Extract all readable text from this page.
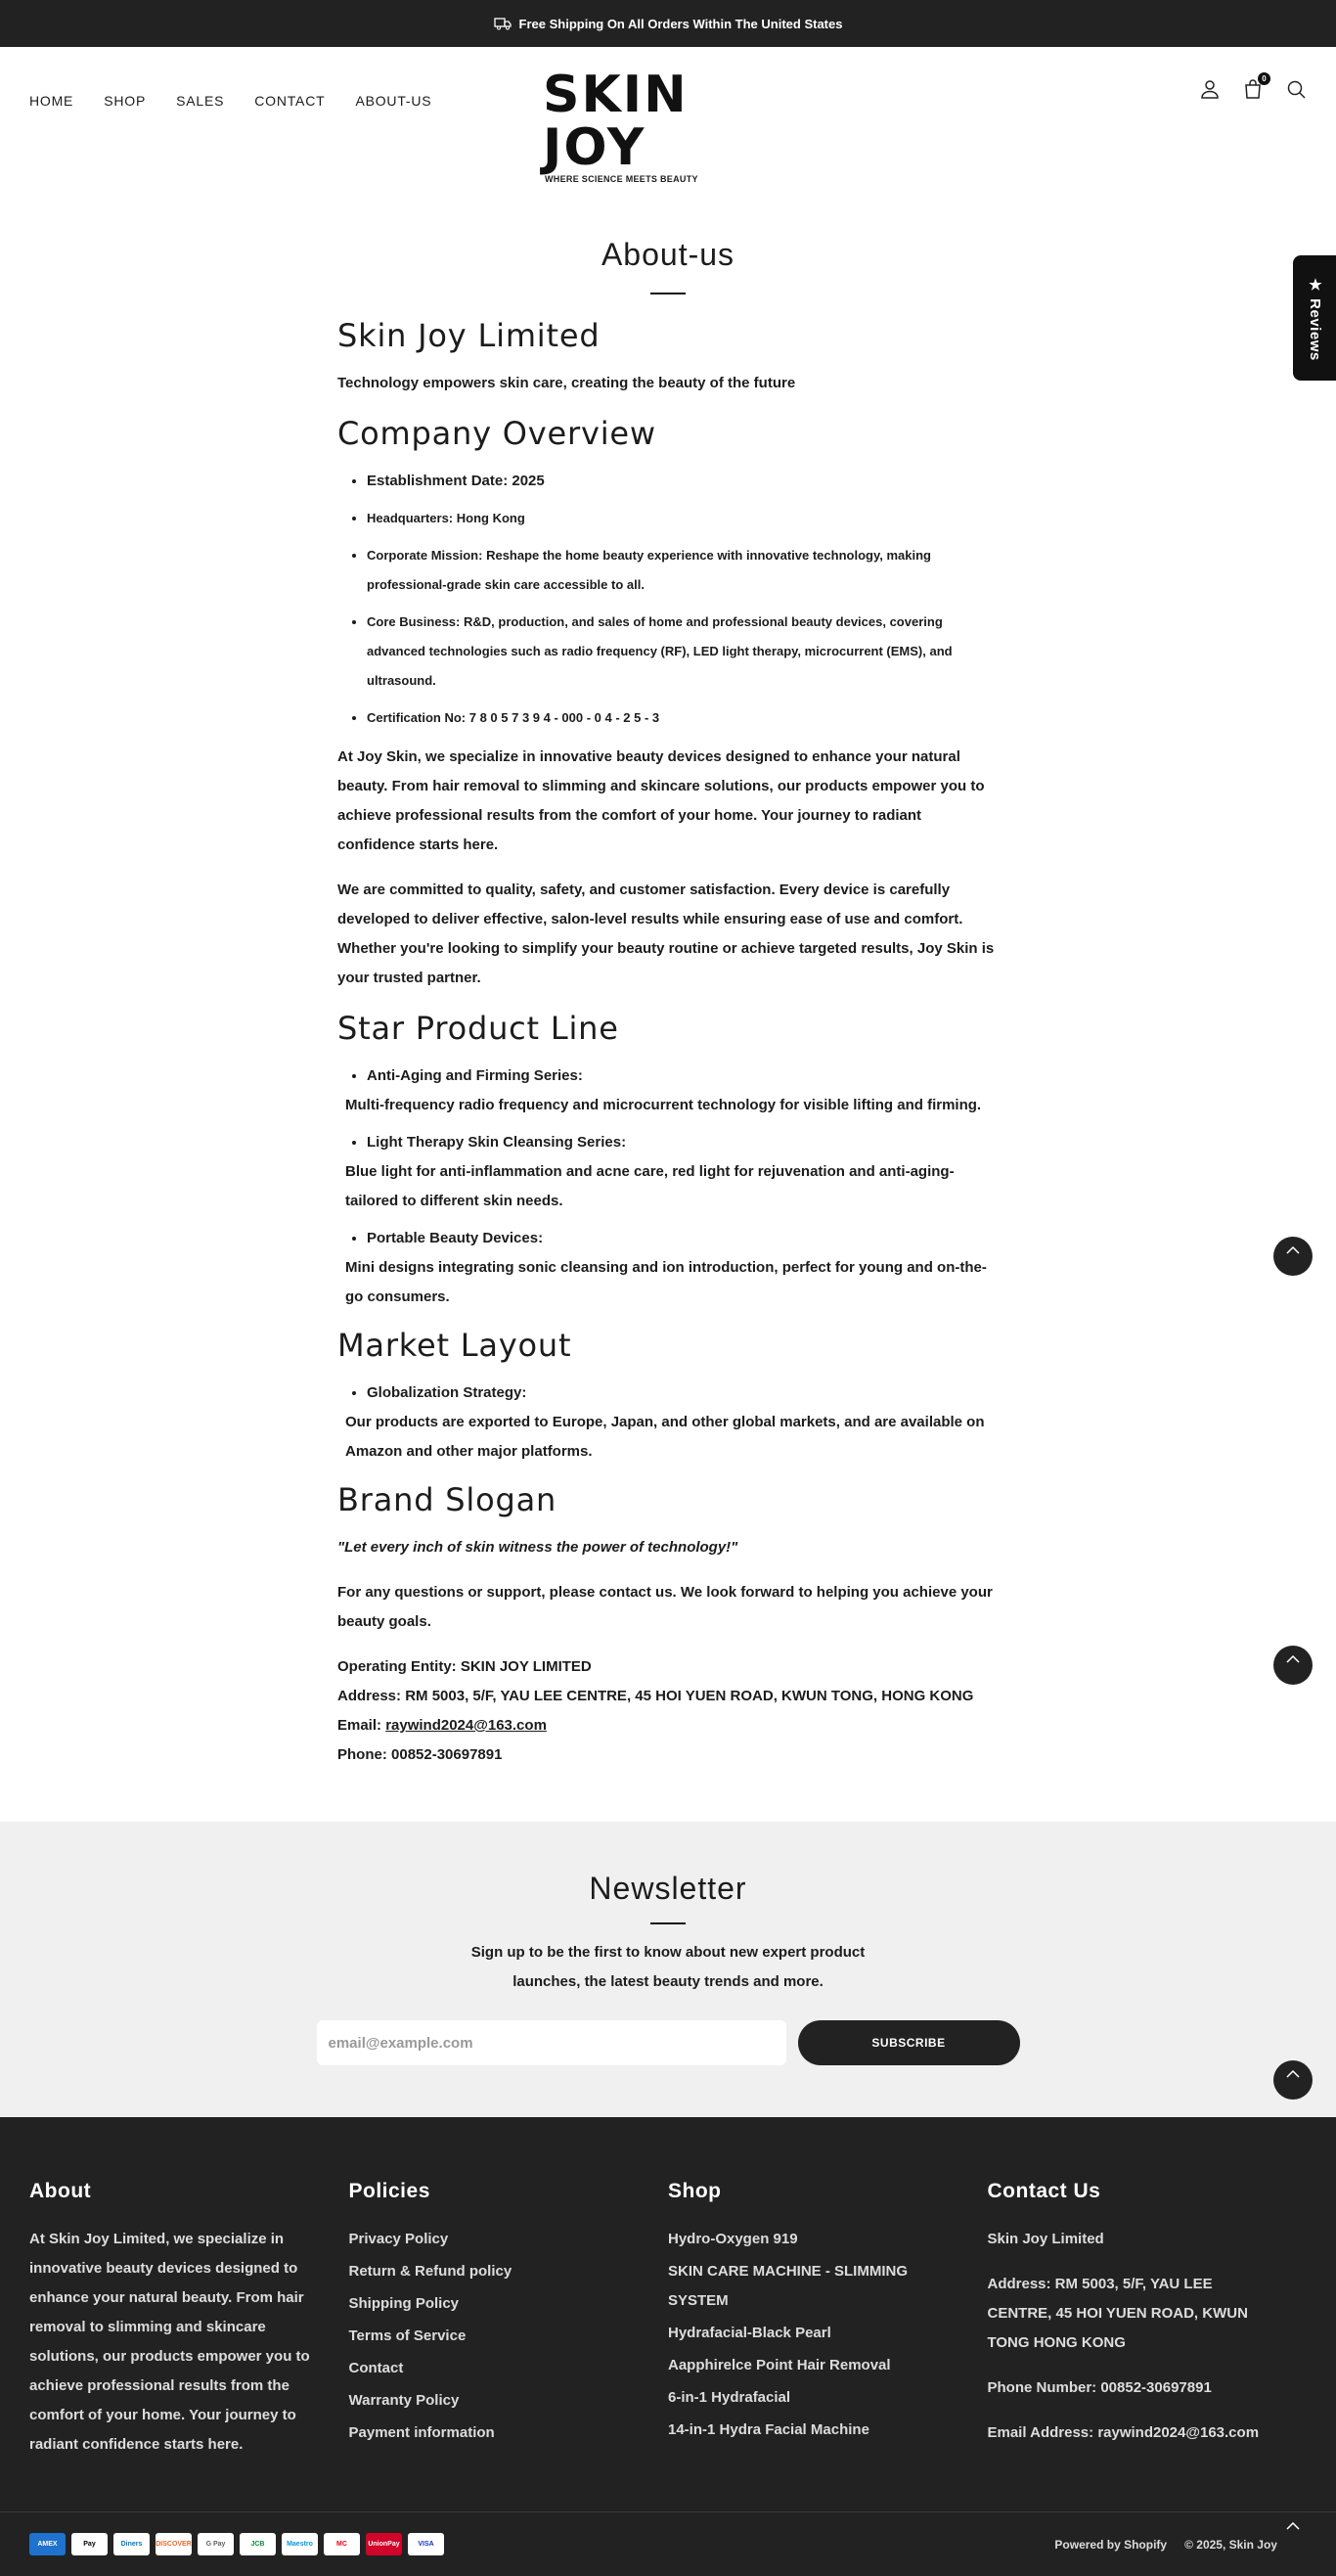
Free Shipping On All Orders Within The United States
HOME SHOP SALES CONTACT ABOUT-US SKIN JOY
WHERE SCIENCE MEETS BEAUTY
0
★ Reviews
About-us
Skin Joy Limited

Technology empowers skin care, creating the beauty of the future

Company Overview
• Establishment Date: 2025
• Headquarters: Hong Kong
• Corporate Mission: Reshape the home beauty experience with innovative technology, making professional-grade skin care accessible to all.
• Core Business: R&D, production, and sales of home and professional beauty devices, covering advanced technologies such as radio frequency (RF), LED light therapy, microcurrent (EMS), and ultrasound.
• Certification No: 7 8 0 5 7 3 9 4 - 000 - 0 4 - 2 5 - 3

At Joy Skin, we specialize in innovative beauty devices designed to enhance your natural beauty. From hair removal to slimming and skincare solutions, our products empower you to achieve professional results from the comfort of your home. Your journey to radiant confidence starts here.

We are committed to quality, safety, and customer satisfaction. Every device is carefully developed to deliver effective, salon-level results while ensuring ease of use and comfort. Whether you're looking to simplify your beauty routine or achieve targeted results, Joy Skin is your trusted partner.

Star Product Line
• Anti-Aging and Firming Series:
Multi-frequency radio frequency and microcurrent technology for visible lifting and firming.
• Light Therapy Skin Cleansing Series:
Blue light for anti-inflammation and acne care, red light for rejuvenation and anti-aging-tailored to different skin needs.
• Portable Beauty Devices:
Mini designs integrating sonic cleansing and ion introduction, perfect for young and on-the-go consumers.
Market Layout
• Globalization Strategy:
Our products are exported to Europe, Japan, and other global markets, and are available on Amazon and other major platforms.
Brand Slogan

"Let every inch of skin witness the power of technology!"

For any questions or support, please contact us. We look forward to helping you achieve your beauty goals.

Operating Entity: SKIN JOY LIMITED
Address: RM 5003, 5/F, YAU LEE CENTRE, 45 HOI YUEN ROAD, KWUN TONG, HONG KONG
Email: raywind2024@163.com
Phone: 00852-30697891
Newsletter

Sign up to be the first to know about new expert product launches, the latest beauty trends and more.

email@example.com
SUBSCRIBE
About

At Skin Joy Limited, we specialize in innovative beauty devices designed to enhance your natural beauty. From hair removal to slimming and skincare solutions, our products empower you to achieve professional results from the comfort of your home. Your journey to radiant confidence starts here.

Policies
Privacy Policy
Return & Refund policy
Shipping Policy
Terms of Service
Contact
Warranty Policy
Payment information
Shop
Hydro-Oxygen 919
SKIN CARE MACHINE - SLIMMING SYSTEM
Hydrafacial-Black Pearl
Aapphirelce Point Hair Removal
6-in-1 Hydrafacial
14-in-1 Hydra Facial Machine
Contact Us

Skin Joy Limited

Address: RM 5003, 5/F, YAU LEE CENTRE, 45 HOI YUEN ROAD, KWUN TONG HONG KONG

Phone Number: 00852-30697891

Email Address: raywind2024@163.com

AMEX	Pay	Diners	DISCOVER	G Pay	JCB	Maestro	MC	UnionPay	VISA	Powered by Shopify © 2025, Skin Joy
